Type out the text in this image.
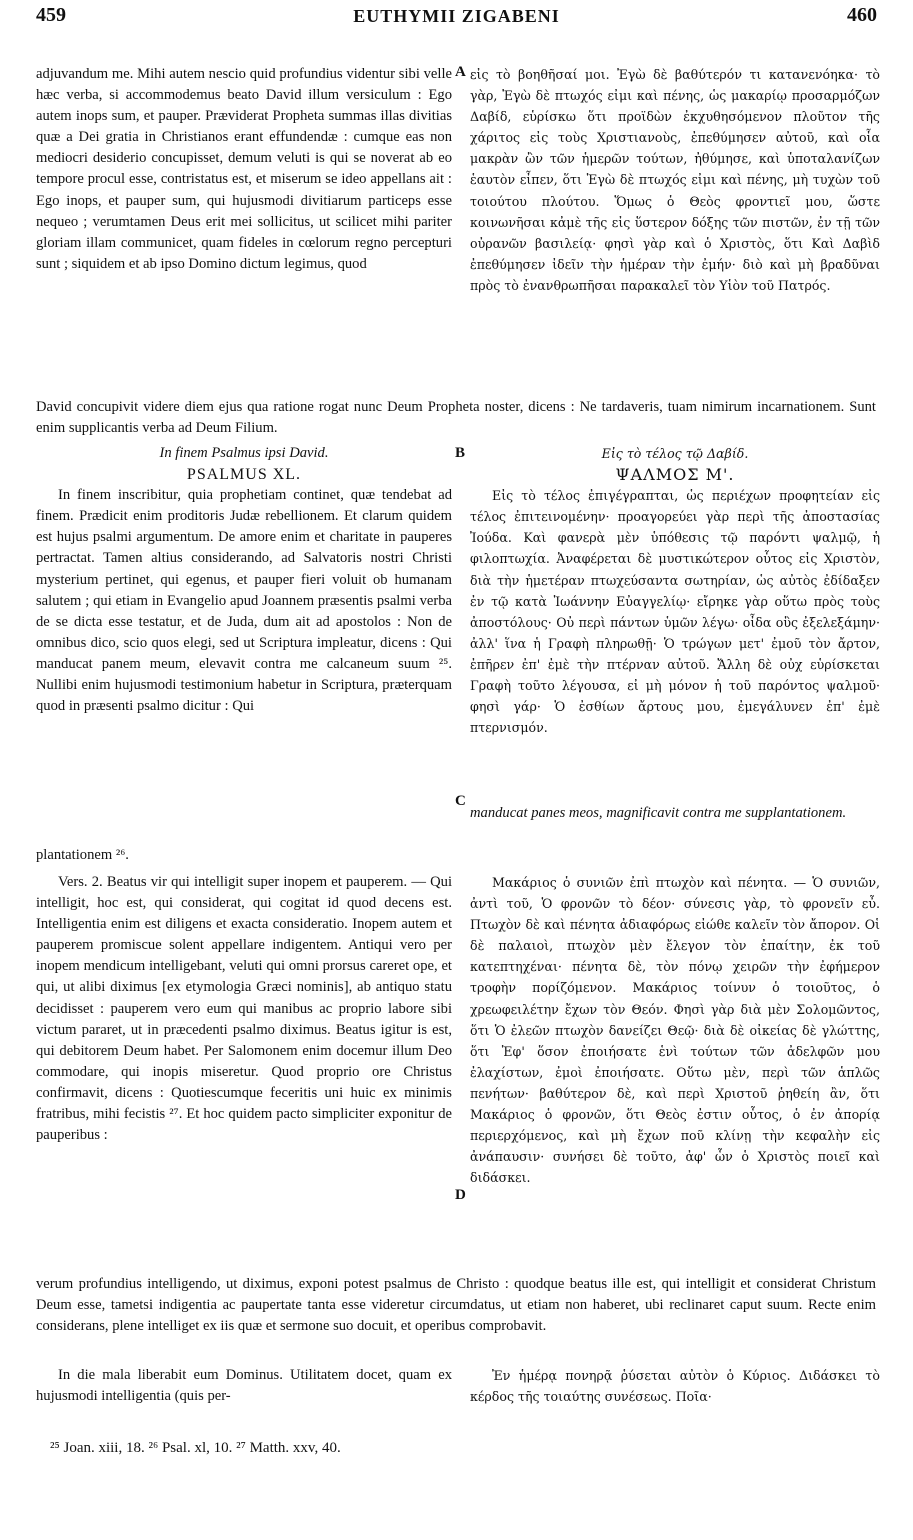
459	EUTHYMII ZIGABENI	460

adjuvandum me. Mihi autem nescio quid profundius videntur sibi velle hæc verba, si accommodemus beato David illum versiculum : Ego autem inops sum, et pauper. Præviderat Propheta summas illas divitias quæ a Dei gratia in Christianos erant effundendæ : cumque eas non mediocri desiderio concupisset, demum veluti is qui se noverat ab eo tempore procul esse, contristatus est, et miserum se ideo appellans ait : Ego inops, et pauper sum, qui hujusmodi divitiarum particeps esse nequeo ; verumtamen Deus erit mei sollicitus, ut scilicet mihi pariter gloriam illam communicet, quam fideles in cœlorum regno percepturi sunt ; siquidem et ab ipso Domino dictum legimus, quod

A εἰς τὸ βοηθῆσαί μοι. Ἐγὼ δὲ βαθύτερόν τι κατανενόηκα· τὸ γὰρ, Ἐγὼ δὲ πτωχός εἰμι καὶ πένης, ὡς μακαρίῳ προσαρμόζων Δαβίδ, εὑρίσκω ὅτι προϊδὼν ἐκχυθησόμενον πλοῦτον τῆς χάριτος εἰς τοὺς Χριστιανοὺς, ἐπεθύμησεν αὐτοῦ, καὶ οἷα μακρὰν ὢν τῶν ἡμερῶν τούτων, ἠθύμησε, καὶ ὑποταλανίζων ἑαυτὸν εἶπεν, ὅτι Ἐγὼ δὲ πτωχός εἰμι καὶ πένης, μὴ τυχὼν τοῦ τοιούτου πλούτου. Ὅμως ὁ Θεὸς φροντιεῖ μου, ὥστε κοινωνῆσαι κἀμὲ τῆς εἰς ὕστερον δόξης τῶν πιστῶν, ἐν τῇ τῶν οὐρανῶν βασιλείᾳ· φησὶ γὰρ καὶ ὁ Χριστὸς, ὅτι Καὶ Δαβὶδ ἐπεθύμησεν ἰδεῖν τὴν ἡμέραν τὴν ἐμήν· διὸ καὶ μὴ βραδῦναι πρὸς τὸ ἐνανθρωπῆσαι παρακαλεῖ τὸν Υἱὸν τοῦ Πατρός.

David concupivit videre diem ejus qua ratione rogat nunc Deum Propheta noster, dicens : Ne tardaveris, tuam nimirum incarnationem. Sunt enim supplicantis verba ad Deum Filium.
In finem Psalmus ipsi David.
PSALMUS XL.

In finem inscribitur, quia prophetiam continet, quæ tendebat ad finem. Prædicit enim proditoris Judæ rebellionem. Et clarum quidem est hujus psalmi argumentum. De amore enim et charitate in pauperes pertractat. Tamen altius considerando, ad Salvatoris nostri Christi mysterium pertinet, qui egenus, et pauper fieri voluit ob humanam salutem ; qui etiam in Evangelio apud Joannem præsentis psalmi verba de se dicta esse testatur, et de Juda, dum ait ad apostolos : Non de omnibus dico, scio quos elegi, sed ut Scriptura impleatur, dicens : Qui manducat panem meum, elevavit contra me calcaneum suum ²⁵. Nullibi enim hujusmodi testimonium habetur in Scriptura, præterquam quod in præsenti psalmo dicitur : Qui

B
C
Εἰς τὸ τέλος τῷ Δαβίδ.
ΨΑΛΜΟΣ Μ'.

Εἰς τὸ τέλος ἐπιγέγραπται, ὡς περιέχων προφητείαν εἰς τέλος ἐπιτεινομένην· προαγορεύει γὰρ περὶ τῆς ἀποστασίας Ἰούδα. Καὶ φανερὰ μὲν ὑπόθεσις τῷ παρόντι ψαλμῷ, ἡ φιλοπτωχία. Ἀναφέρεται δὲ μυστικώτερον οὗτος εἰς Χριστὸν, διὰ τὴν ἡμετέραν πτωχεύσαντα σωτηρίαν, ὡς αὐτὸς ἐδίδαξεν ἐν τῷ κατὰ Ἰωάννην Εὐαγγελίῳ· εἴρηκε γὰρ οὕτω πρὸς τοὺς ἀποστόλους· Οὐ περὶ πάντων ὑμῶν λέγω· οἶδα οὓς ἐξελεξάμην· ἀλλ' ἵνα ἡ Γραφὴ πληρωθῇ· Ὁ τρώγων μετ' ἐμοῦ τὸν ἄρτον, ἐπῆρεν ἐπ' ἐμὲ τὴν πτέρναν αὐτοῦ. Ἄλλη δὲ οὐχ εὑρίσκεται Γραφὴ τοῦτο λέγουσα, εἰ μὴ μόνον ἡ τοῦ παρόντος ψαλμοῦ· φησὶ γάρ· Ὁ ἐσθίων ἄρτους μου, ἐμεγάλυνεν ἐπ' ἐμὲ πτερνισμόν.

manducat panes meos, magnificavit contra me supplantationem.
plantationem ²⁶.

Vers. 2. Beatus vir qui intelligit super inopem et pauperem. — Qui intelligit, hoc est, qui considerat, qui cogitat id quod decens est. Intelligentia enim est diligens et exacta consideratio. Inopem autem et pauperem promiscue solent appellare indigentem. Antiqui vero per inopem mendicum intelligebant, veluti qui omni prorsus careret ope, et qui, ut alibi diximus [ex etymologia Græci nominis], ab antiquo statu decidisset : pauperem vero eum qui manibus ac proprio labore sibi victum pararet, ut in præcedenti psalmo diximus. Beatus igitur is est, qui debitorem Deum habet. Per Salomonem enim docemur illum Deo commodare, qui inopis miseretur. Quod proprio ore Christus confirmavit, dicens : Quotiescumque feceritis uni huic ex minimis fratribus, mihi fecistis ²⁷. Et hoc quidem pacto simpliciter exponitur de pauperibus :

D

Μακάριος ὁ συνιῶν ἐπὶ πτωχὸν καὶ πένητα. — Ὁ συνιῶν, ἀντὶ τοῦ, Ὁ φρονῶν τὸ δέον· σύνεσις γὰρ, τὸ φρονεῖν εὖ. Πτωχὸν δὲ καὶ πένητα ἀδιαφόρως εἰώθε καλεῖν τὸν ἄπορον. Οἱ δὲ παλαιοὶ, πτωχὸν μὲν ἔλεγον τὸν ἐπαίτην, ἐκ τοῦ κατεπτηχέναι· πένητα δὲ, τὸν πόνῳ χειρῶν τὴν ἐφήμερον τροφὴν πορίζόμενον. Μακάριος τοίνυν ὁ τοιοῦτος, ὁ χρεωφειλέτην ἔχων τὸν Θεόν. Φησὶ γὰρ διὰ μὲν Σολομῶντος, ὅτι Ὁ ἐλεῶν πτωχὸν δανείζει Θεῷ· διὰ δὲ οἰκείας δὲ γλώττης, ὅτι Ἐφ' ὅσον ἐποιήσατε ἑνὶ τούτων τῶν ἀδελφῶν μου ἐλαχίστων, ἐμοὶ ἐποιήσατε. Οὕτω μὲν, περὶ τῶν ἁπλῶς πενήτων· βαθύτερον δὲ, καὶ περὶ Χριστοῦ ῥηθείη ἂν, ὅτι Μακάριος ὁ φρονῶν, ὅτι Θεὸς ἐστιν οὗτος, ὁ ἐν ἀπορίᾳ περιερχόμενος, καὶ μὴ ἔχων ποῦ κλίνῃ τὴν κεφαλὴν εἰς ἀνάπαυσιν· συνήσει δὲ τοῦτο, ἀφ' ὧν ὁ Χριστὸς ποιεῖ καὶ διδάσκει.

verum profundius intelligendo, ut diximus, exponi potest psalmus de Christo : quodque beatus ille est, qui intelligit et considerat Christum Deum esse, tametsi indigentia ac paupertate tanta esse videretur circumdatus, ut etiam non haberet, ubi reclinaret caput suum. Recte enim considerans, plene intelliget ex iis quæ et sermone suo docuit, et operibus comprobavit.

In die mala liberabit eum Dominus. Utilitatem docet, quam ex hujusmodi intelligentia (quis per-

Ἐν ἡμέρᾳ πονηρᾷ ῥύσεται αὐτὸν ὁ Κύριος. Διδάσκει τὸ κέρδος τῆς τοιαύτης συνέσεως. Ποῖα·

²⁵ Joan. xiii, 18. ²⁶ Psal. xl, 10. ²⁷ Matth. xxv, 40.
